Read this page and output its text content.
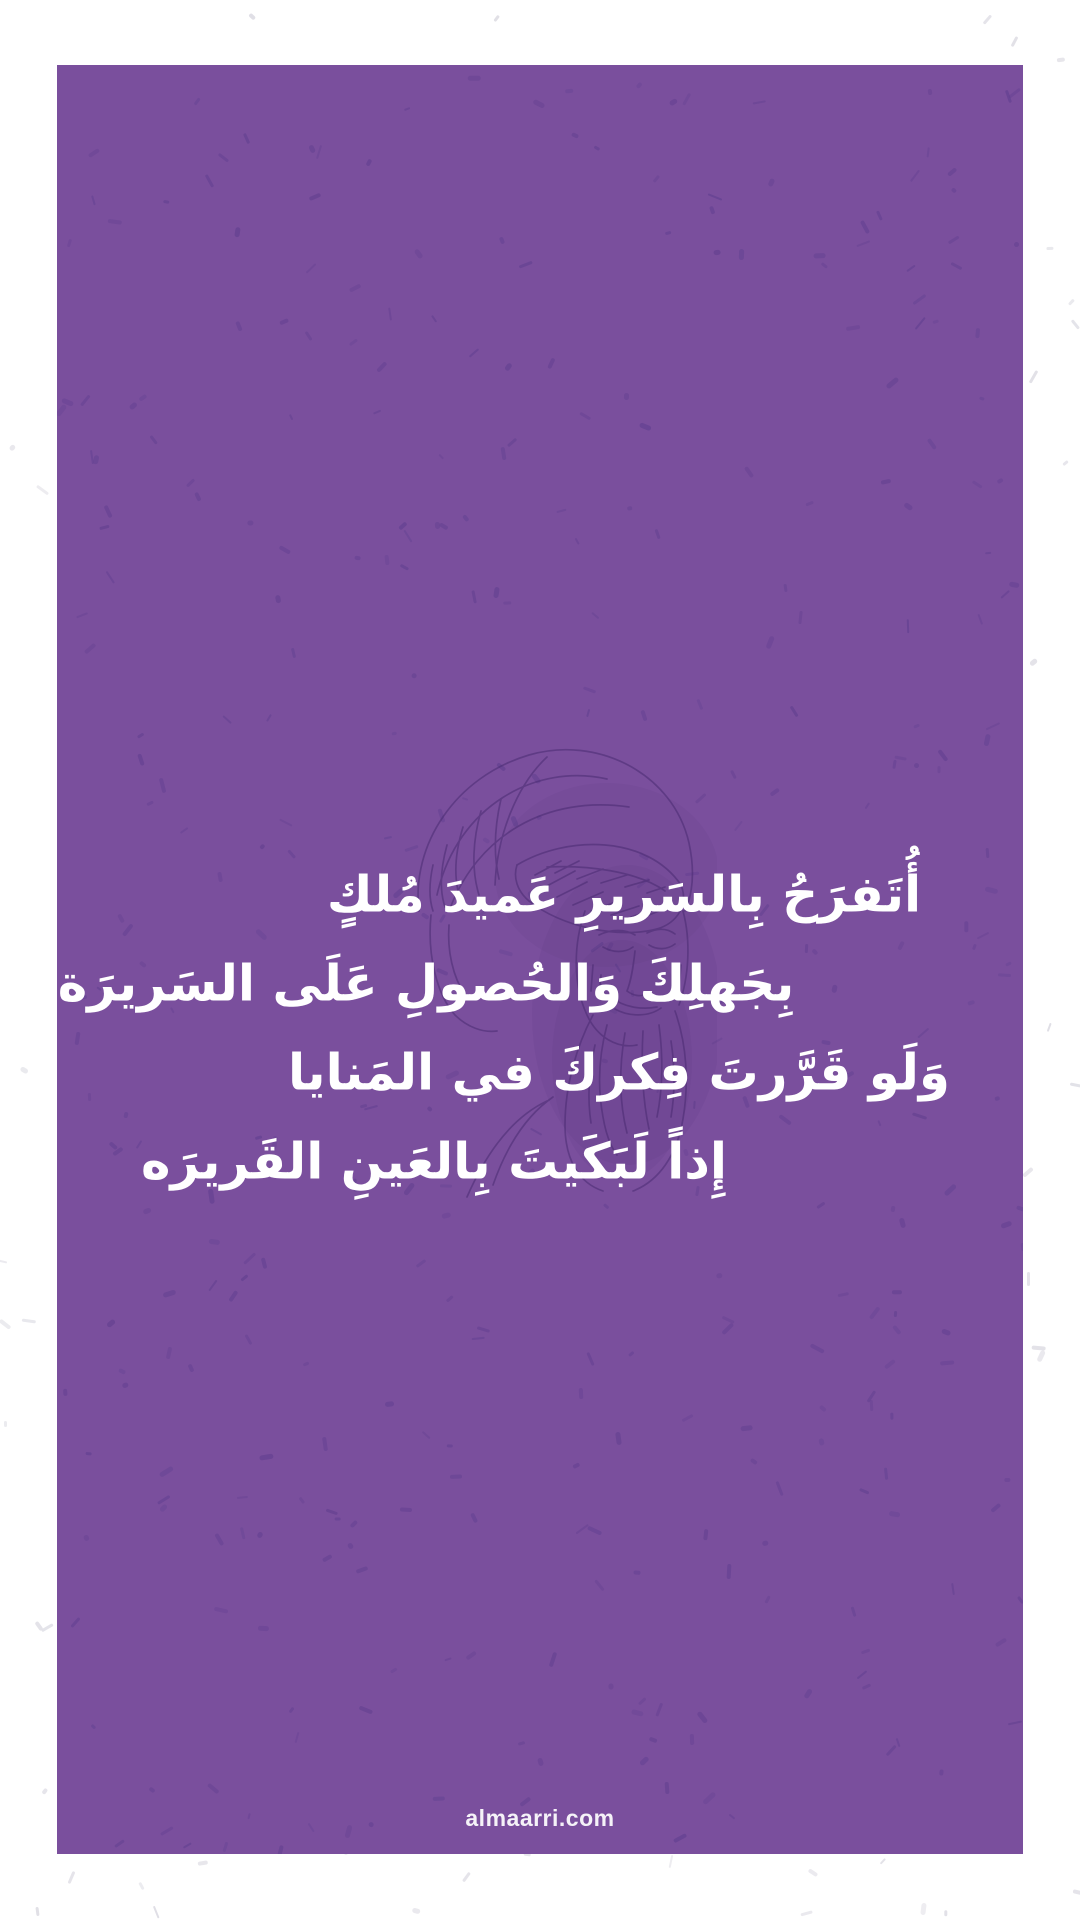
أُتَفرَحُ بِالسَريرِ عَميدَ مُلكٍ
بِجَهلِكَ وَالحُصولِ عَلَى السَريرَة
وَلَو قَرَّرتَ فِكركَ في المَنايا
إِذاً لَبَكَيتَ بِالعَينِ القَريرَه
almaarri.com
